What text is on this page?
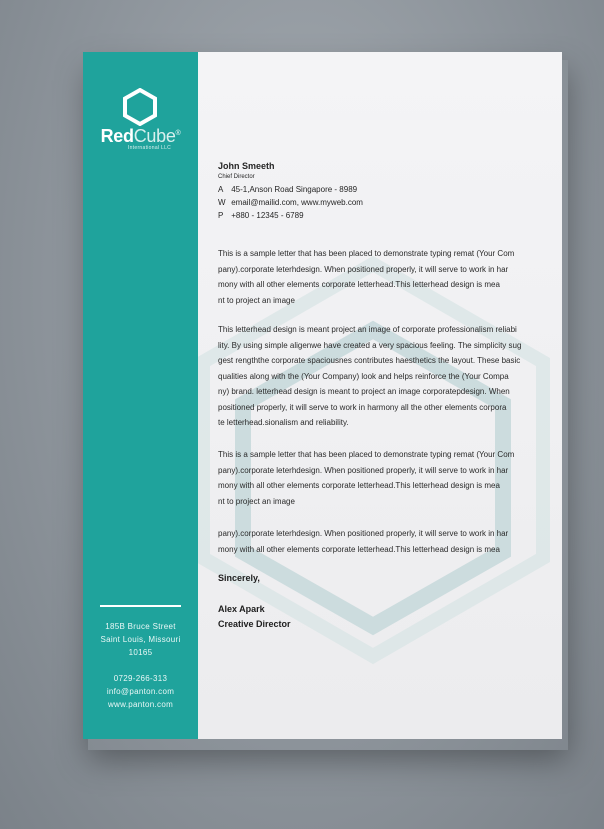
RedCube®
International LLC
185B Bruce Street
Saint Louis, Missouri
10165
0729-266-313
info@panton.com
www.panton.com
John Smeeth
Chief Director
A 45-1,Anson Road Singapore - 8989
W email@mailid.com, www.myweb.com
P +880 - 12345 - 6789
This is a sample letter that has been placed to demonstrate typing remat (Your Com
pany).corporate leterhdesign. When positioned properly, it will serve to work in har
mony with all other elements corporate letterhead.This letterhead design is mea
nt to project an image
This letterhead design is meant project an image of corporate professionalism reliabi
lity. By using simple aligenwe have created a very spacious feeling. The simplicity sug
gest rengththe corporate spaciousnes contributes haesthetics the layout. These basic
qualities along with the (Your Company) look and helps reinforce the (Your Compa
ny) brand. letterhead design is meant to project an image corporatepdesign. When
positioned properly, it will serve to work in harmony all the other elements corpora
te letterhead.sionalism and reliability.
This is a sample letter that has been placed to demonstrate typing remat (Your Com
pany).corporate leterhdesign. When positioned properly, it will serve to work in har
mony with all other elements corporate letterhead.This letterhead design is mea
nt to project an image
pany).corporate leterhdesign. When positioned properly, it will serve to work in har
mony with all other elements corporate letterhead.This letterhead design is mea
Sincerely,
Alex Apark
Creative Director
